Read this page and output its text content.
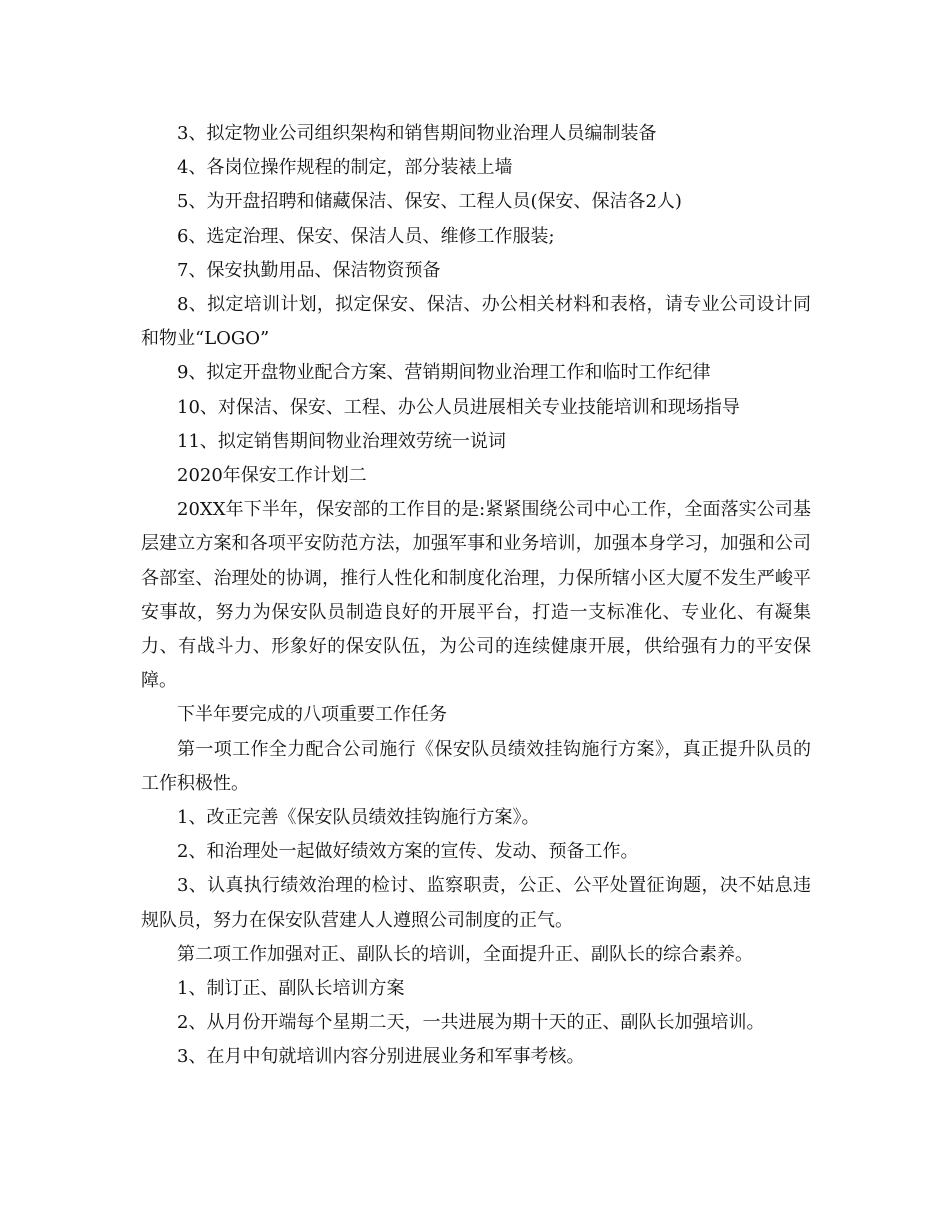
3、拟定物业公司组织架构和销售期间物业治理人员编制装备

4、各岗位操作规程的制定，部分装裱上墙

5、为开盘招聘和储藏保洁、保安、工程人员(保安、保洁各2人)

6、选定治理、保安、保洁人员、维修工作服装;

7、保安执勤用品、保洁物资预备

8、拟定培训计划，拟定保安、保洁、办公相关材料和表格，请专业公司设计同和物业“LOGO”

9、拟定开盘物业配合方案、营销期间物业治理工作和临时工作纪律

10、对保洁、保安、工程、办公人员进展相关专业技能培训和现场指导

11、拟定销售期间物业治理效劳统一说词

2020年保安工作计划二

20XX年下半年，保安部的工作目的是:紧紧围绕公司中心工作，全面落实公司基层建立方案和各项平安防范方法，加强军事和业务培训，加强本身学习，加强和公司各部室、治理处的协调，推行人性化和制度化治理，力保所辖小区大厦不发生严峻平安事故，努力为保安队员制造良好的开展平台，打造一支标准化、专业化、有凝集力、有战斗力、形象好的保安队伍，为公司的连续健康开展，供给强有力的平安保障。

下半年要完成的八项重要工作任务

第一项工作全力配合公司施行《保安队员绩效挂钩施行方案》，真正提升队员的工作积极性。

1、改正完善《保安队员绩效挂钩施行方案》。

2、和治理处一起做好绩效方案的宣传、发动、预备工作。

3、认真执行绩效治理的检讨、监察职责，公正、公平处置征询题，决不姑息违规队员，努力在保安队营建人人遵照公司制度的正气。

第二项工作加强对正、副队长的培训，全面提升正、副队长的综合素养。

1、制订正、副队长培训方案

2、从月份开端每个星期二天，一共进展为期十天的正、副队长加强培训。

3、在月中旬就培训内容分别进展业务和军事考核。
